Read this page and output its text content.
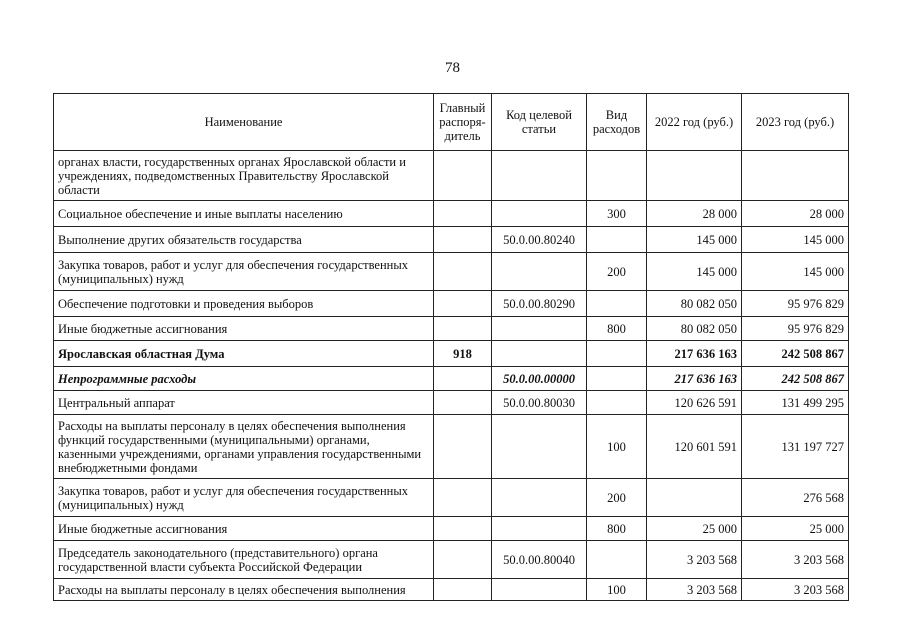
78
Наименование	Главный распоря-дитель	Код целевой статьи	Вид расходов	2022 год (руб.)	2023 год (руб.)
органах власти, государственных органах Ярославской области и учреждениях, подведомственных Правительству Ярославской области					
Социальное обеспечение и иные выплаты населению			300	28 000	28 000
Выполнение других обязательств государства		50.0.00.80240		145 000	145 000
Закупка товаров, работ и услуг для обеспечения государственных (муниципальных) нужд			200	145 000	145 000
Обеспечение подготовки и проведения выборов		50.0.00.80290		80 082 050	95 976 829
Иные бюджетные ассигнования			800	80 082 050	95 976 829
Ярославская областная Дума	918			217 636 163	242 508 867
Непрограммные расходы		50.0.00.00000		217 636 163	242 508 867
Центральный аппарат		50.0.00.80030		120 626 591	131 499 295
Расходы на выплаты персоналу в целях обеспечения выполнения функций государственными (муниципальными) органами, казенными учреждениями, органами управления государственными внебюджетными фондами			100	120 601 591	131 197 727
Закупка товаров, работ и услуг для обеспечения государственных (муниципальных) нужд			200		276 568
Иные бюджетные ассигнования			800	25 000	25 000
Председатель законодательного (представительного) органа государственной власти субъекта Российской Федерации		50.0.00.80040		3 203 568	3 203 568
Расходы на выплаты персоналу в целях обеспечения выполнения			100	3 203 568	3 203 568
